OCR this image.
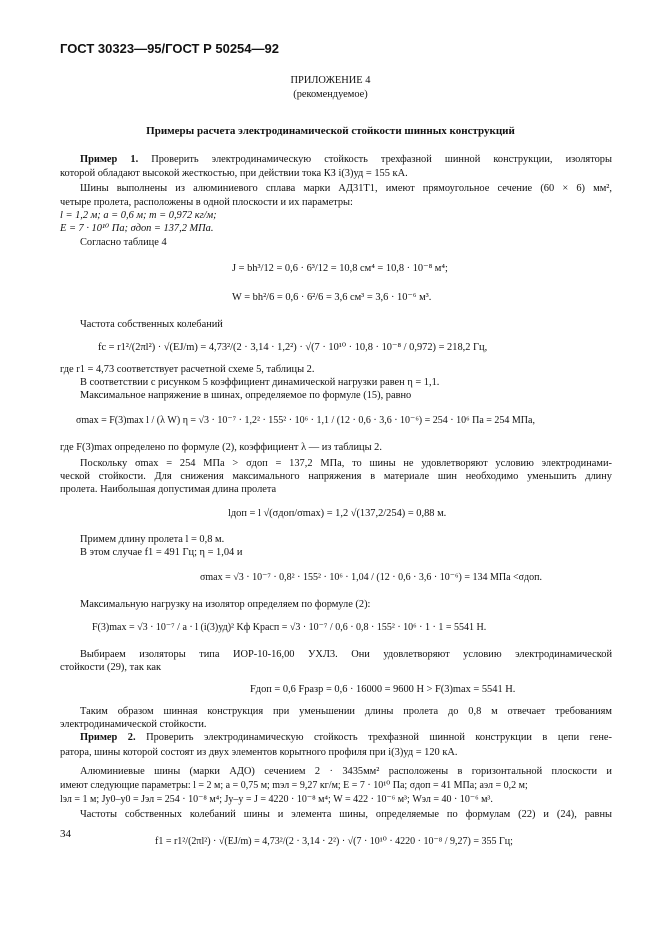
ГОСТ 30323—95/ГОСТ Р 50254—92
ПРИЛОЖЕНИЕ 4
(рекомендуемое)
Примеры расчета электродинамической стойкости шинных конструкций
Пример 1. Проверить электродинамическую стойкость трехфазной шинной конструкции, изоляторы
которой обладают высокой жесткостью, при действии тока КЗ i(3)уд = 155 кА.
Шины выполнены из алюминиевого сплава марки АД31Т1, имеют прямоугольное сечение (60 × 6) мм²,
четыре пролета, расположены в одной плоскости и их параметры:
l = 1,2 м; a = 0,6 м; m = 0,972 кг/м;
E = 7 · 10¹⁰ Па; σдоп = 137,2 МПа.
Согласно таблице 4
J = bh³/12 = 0,6 · 6³/12 = 10,8 см⁴ = 10,8 · 10⁻⁸ м⁴;
W = bh²/6 = 0,6 · 6²/6 = 3,6 см³ = 3,6 · 10⁻⁶ м³.
Частота собственных колебаний
fc = r1²/(2πl²) · √(EJ/m) = 4,73²/(2 · 3,14 · 1,2²) · √(7 · 10¹⁰ · 10,8 · 10⁻⁸ / 0,972) = 218,2 Гц,
где r1 = 4,73 соответствует расчетной схеме 5, таблицы 2.
В соответствии с рисунком 5 коэффициент динамической нагрузки равен η = 1,1.
Максимальное напряжение в шинах, определяемое по формуле (15), равно
σmax = F(3)max l / (λ W) η = √3 · 10⁻⁷ · 1,2² · 155² · 10⁶ · 1,1 / (12 · 0,6 · 3,6 · 10⁻⁶) = 254 · 10⁶ Па = 254 МПа,
где F(3)max определено по формуле (2), коэффициент λ — из таблицы 2.
Поскольку σmax = 254 МПа > σдоп = 137,2 МПа, то шины не удовлетворяют условию электродинами-
ческой стойкости. Для снижения максимального напряжения в материале шин необходимо уменьшить длину
пролета. Наибольшая допустимая длина пролета
lдоп = l √(σдоп/σmax) = 1,2 √(137,2/254) = 0,88 м.
Примем длину пролета l = 0,8 м.
В этом случае f1 = 491 Гц; η = 1,04 и
σmax = √3 · 10⁻⁷ · 0,8² · 155² · 10⁶ · 1,04 / (12 · 0,6 · 3,6 · 10⁻⁶) = 134 МПа <σдоп.
Максимальную нагрузку на изолятор определяем по формуле (2):
F(3)max = √3 · 10⁻⁷ / a · l (i(3)уд)² Kф Kрасп = √3 · 10⁻⁷ / 0,6 · 0,8 · 155² · 10⁶ · 1 · 1 = 5541 Н.
Выбираем изоляторы типа ИОР-10-16,00 УХЛ3. Они удовлетворяют условию электродинамической
стойкости (29), так как
Fдоп = 0,6 Fразр = 0,6 · 16000 = 9600 Н > F(3)max = 5541 Н.
Таким образом шинная конструкция при уменьшении длины пролета до 0,8 м отвечает требованиям
электродинамической стойкости.
Пример 2. Проверить электродинамическую стойкость трехфазной шинной конструкции в цепи гене-
ратора, шины которой состоят из двух элементов корытного профиля при i(3)уд = 120 кА.
Алюминиевые шины (марки АДО) сечением 2 · 3435мм² расположены в горизонтальной плоскости и
имеют следующие параметры: l = 2 м; a = 0,75 м; mэл = 9,27 кг/м; E = 7 · 10¹⁰ Па; σдоп = 41 МПа; aэл = 0,2 м;
lэл = 1 м; Jy0–y0 = Jэл = 254 · 10⁻⁸ м⁴; Jy–y = J = 4220 · 10⁻⁸ м⁴; W = 422 · 10⁻⁶ м³; Wэл = 40 · 10⁻⁶ м³.
Частоты собственных колебаний шины и элемента шины, определяемые по формулам (22) и (24), равны
f1 = r1²/(2πl²) · √(EJ/m) = 4,73²/(2 · 3,14 · 2²) · √(7 · 10¹⁰ · 4220 · 10⁻⁸ / 9,27) = 355 Гц;
34
